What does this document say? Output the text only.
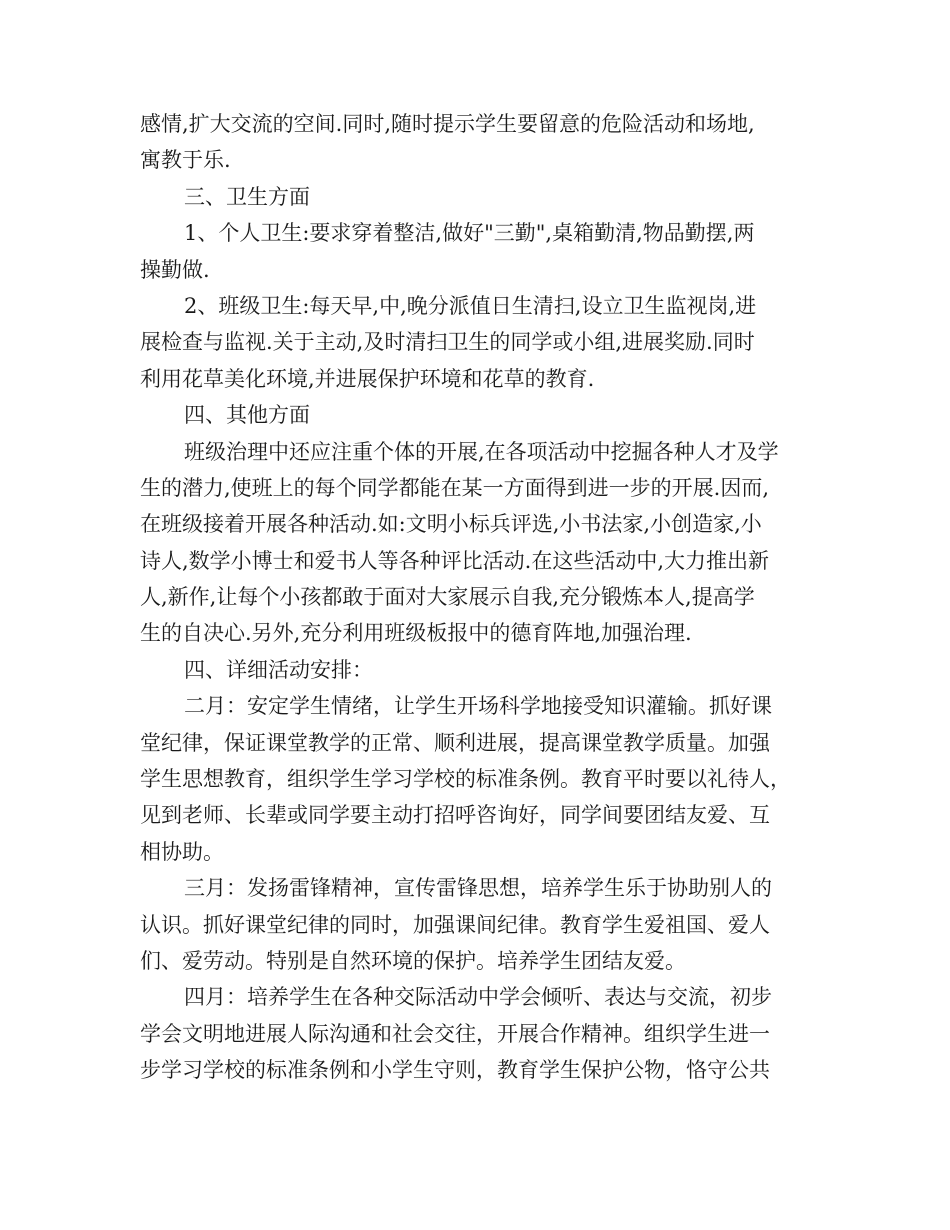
感情,扩大交流的空间.同时,随时提示学生要留意的危险活动和场地,
寓教于乐.
三、卫生方面
1、个人卫生:要求穿着整洁,做好"三勤",桌箱勤清,物品勤摆,两
操勤做.
2、班级卫生:每天早,中,晚分派值日生清扫,设立卫生监视岗,进
展检查与监视.关于主动,及时清扫卫生的同学或小组,进展奖励.同时
利用花草美化环境,并进展保护环境和花草的教育.
四、其他方面
班级治理中还应注重个体的开展,在各项活动中挖掘各种人才及学
生的潜力,使班上的每个同学都能在某一方面得到进一步的开展.因而,
在班级接着开展各种活动.如:文明小标兵评选,小书法家,小创造家,小
诗人,数学小博士和爱书人等各种评比活动.在这些活动中,大力推出新
人,新作,让每个小孩都敢于面对大家展示自我,充分锻炼本人,提高学
生的自决心.另外,充分利用班级板报中的德育阵地,加强治理.
四、详细活动安排：
二月：安定学生情绪，让学生开场科学地接受知识灌输。抓好课
堂纪律，保证课堂教学的正常、顺利进展，提高课堂教学质量。加强
学生思想教育，组织学生学习学校的标准条例。教育平时要以礼待人，
见到老师、长辈或同学要主动打招呼咨询好，同学间要团结友爱、互
相协助。
三月：发扬雷锋精神，宣传雷锋思想，培养学生乐于协助别人的
认识。抓好课堂纪律的同时，加强课间纪律。教育学生爱祖国、爱人
们、爱劳动。特别是自然环境的保护。培养学生团结友爱。
四月：培养学生在各种交际活动中学会倾听、表达与交流，初步
学会文明地进展人际沟通和社会交往，开展合作精神。组织学生进一
步学习学校的标准条例和小学生守则，教育学生保护公物，恪守公共
